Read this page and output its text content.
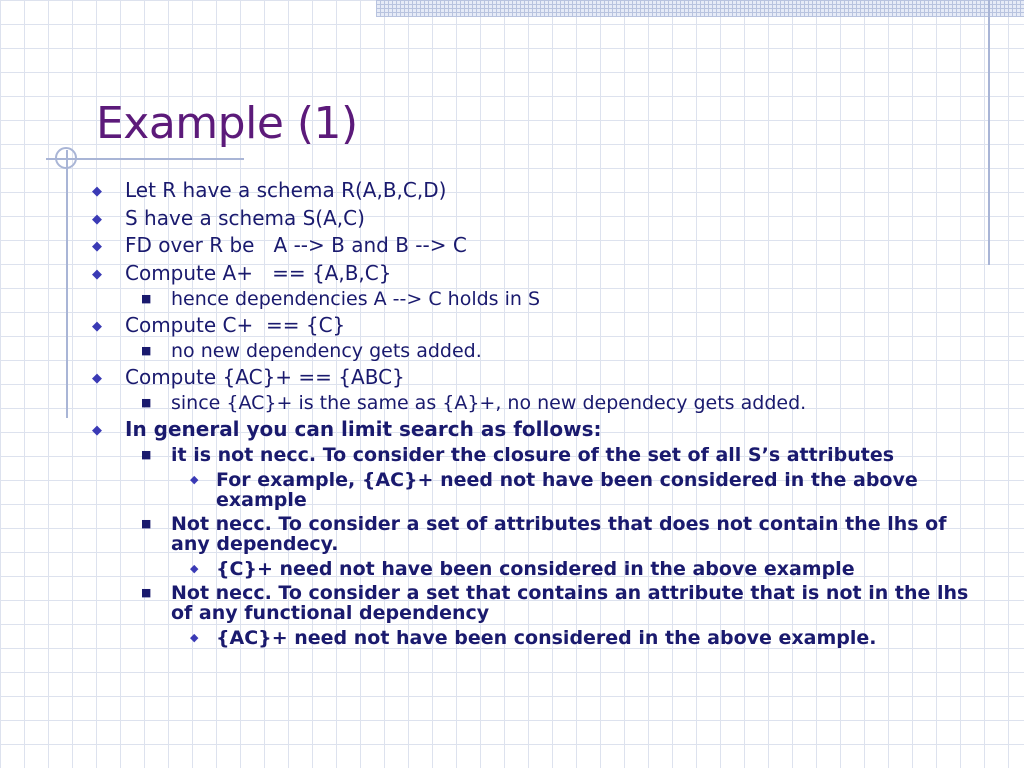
Example (1)
◆ Let R have a schema R(A,B,C,D)
◆ S have a schema S(A,C)
◆ FD over R be   A --> B and B --> C
◆ Compute A+   == {A,B,C}
■ hence dependencies A --> C holds in S
◆ Compute C+  == {C}
■ no new dependency gets added.
◆ Compute {AC}+ == {ABC}
■ since {AC}+ is the same as {A}+, no new dependecy gets added.
◆ In general you can limit search as follows:
■ it is not necc. To consider the closure of the set of all S’s attributes
◆ For example, {AC}+ need not have been considered in the above example
■ Not necc. To consider a set of attributes that does not contain the lhs of any dependecy.
◆ {C}+ need not have been considered in the above example
■ Not necc. To consider a set that contains an attribute that is not in the lhs of any functional dependency
◆ {AC}+ need not have been considered in the above example.
